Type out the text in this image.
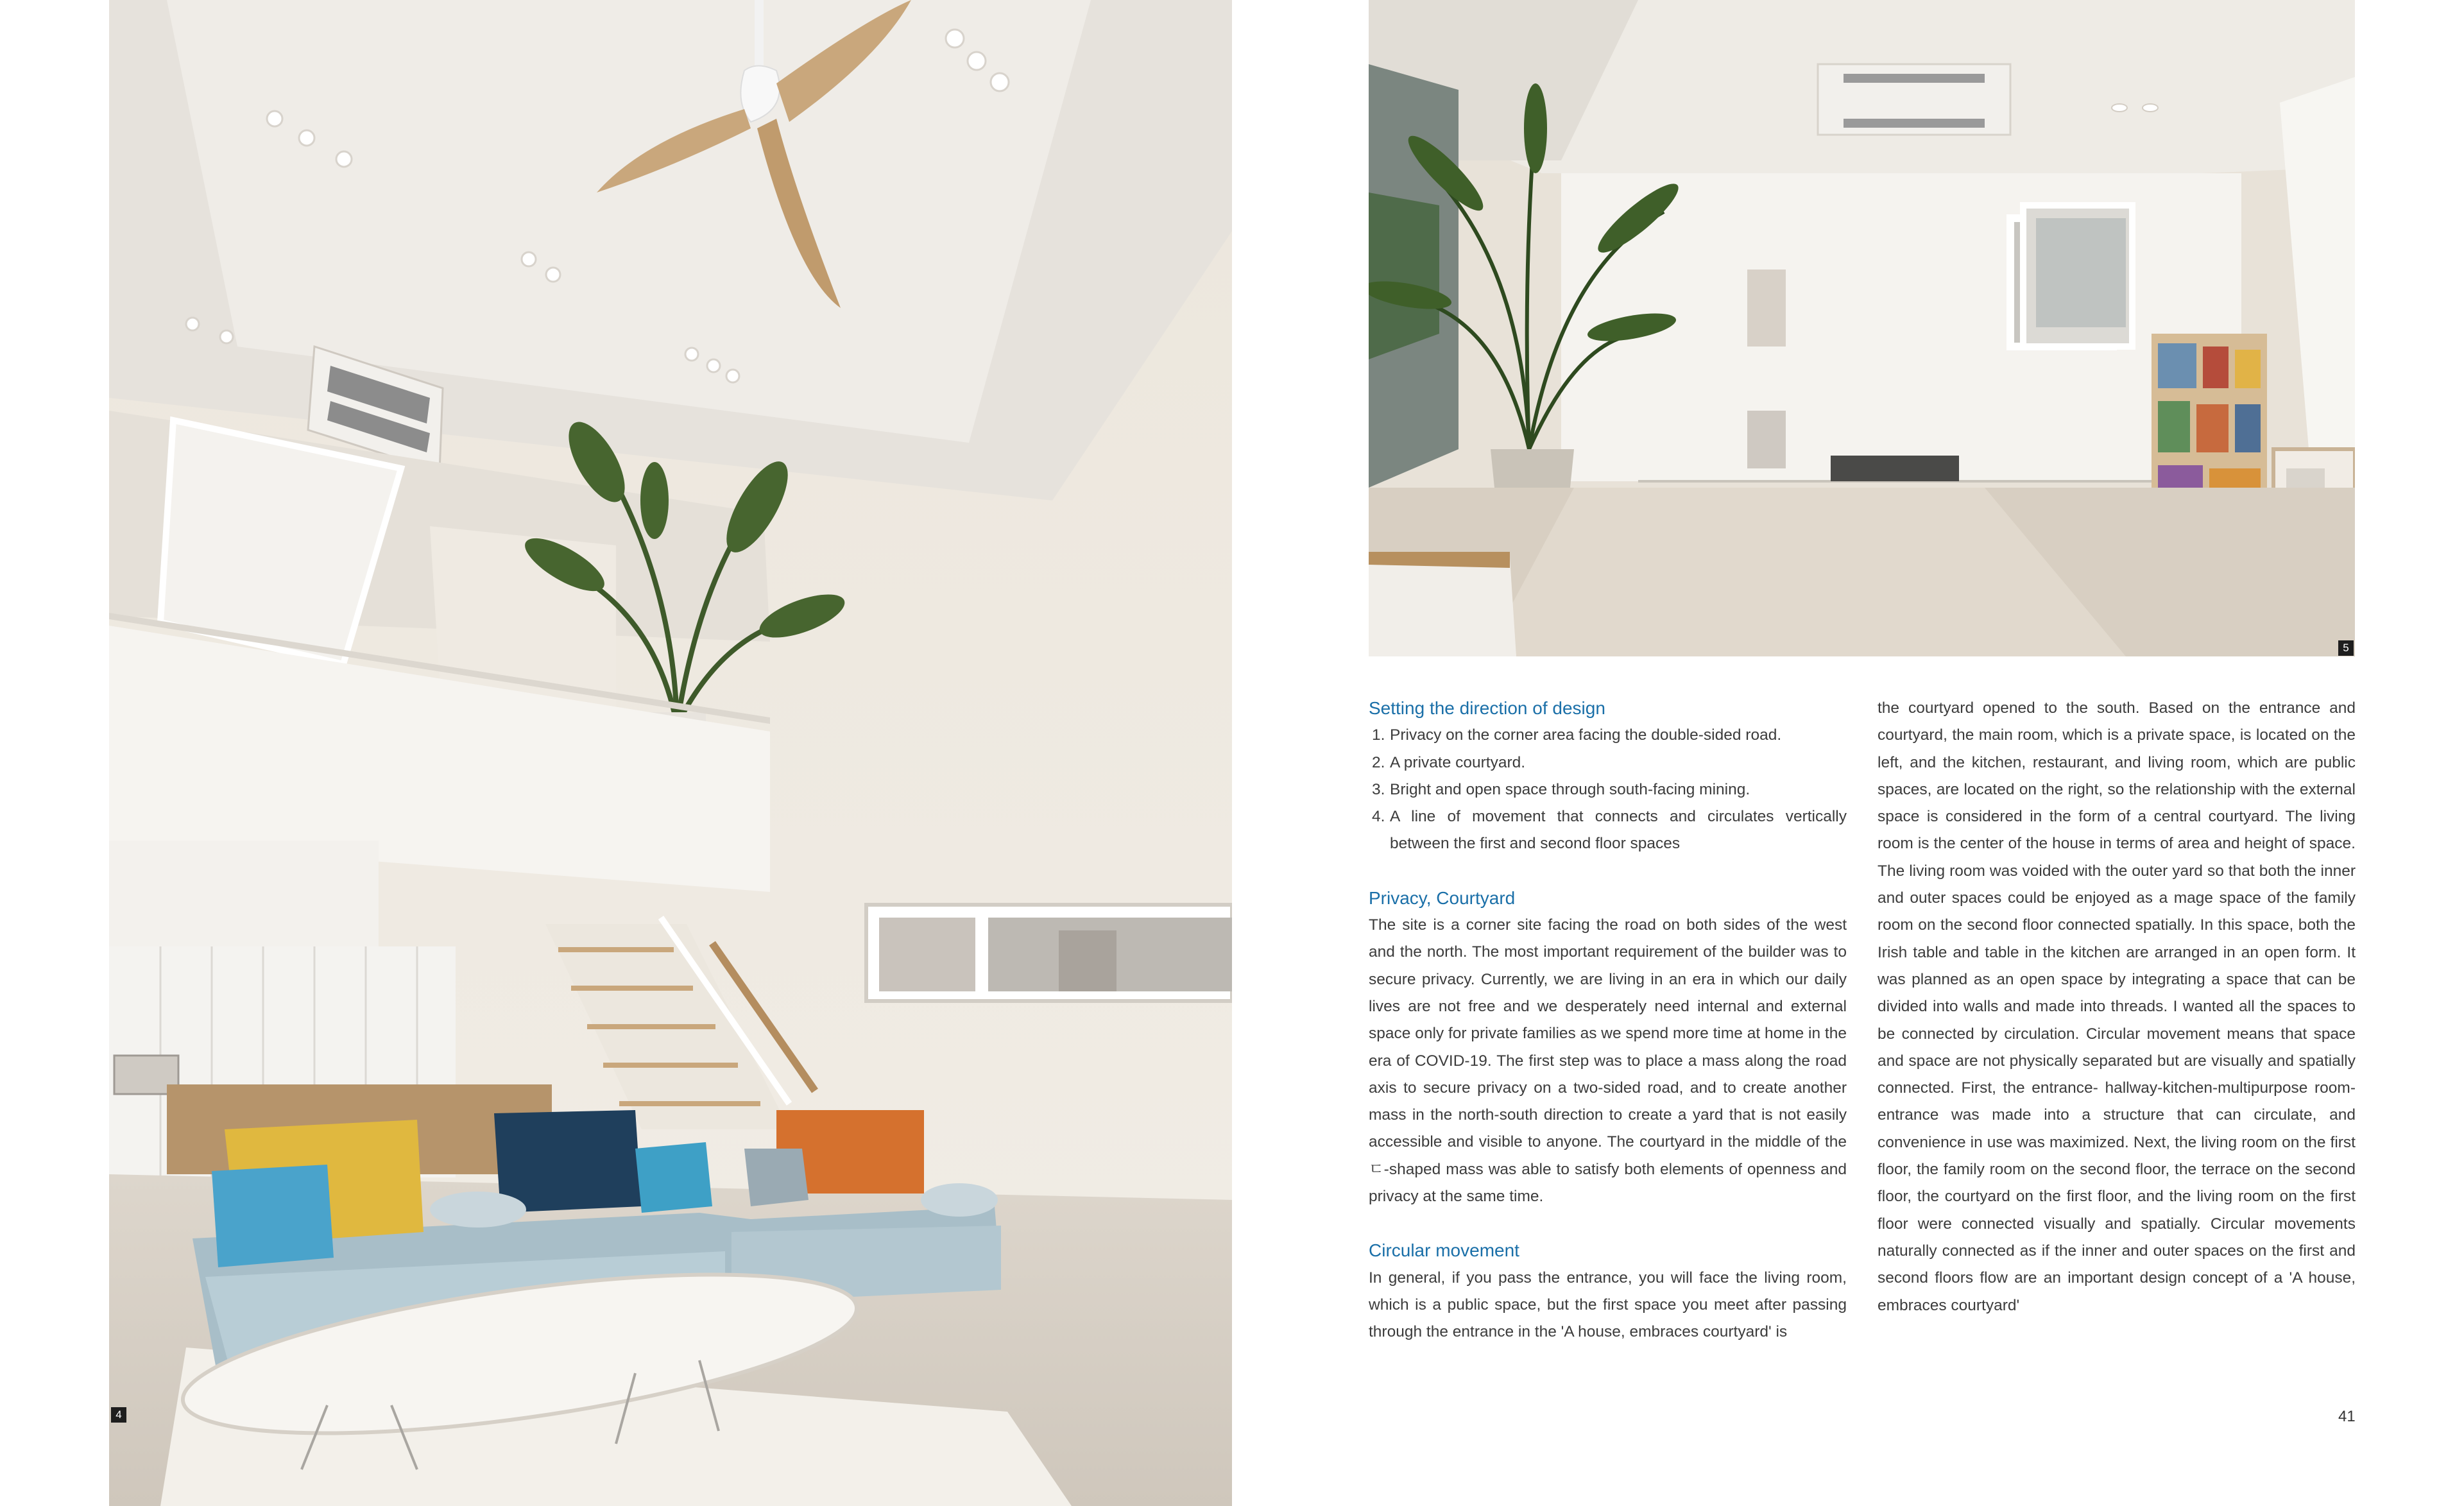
4
5
Setting the direction of design
1. Privacy on the corner area facing the double-sided road.
2. A private courtyard.
3. Bright and open space through south-facing mining.
4. A line of movement that connects and circulates vertically between the first and second floor spaces
Privacy, Courtyard
The site is a corner site facing the road on both sides of the west and the north. The most important requirement of the builder was to secure privacy. Currently, we are living in an era in which our daily lives are not free and we desperately need internal and external space only for private families as we spend more time at home in the era of COVID-19. The first step was to place a mass along the road axis to secure privacy on a two-sided road, and to create another mass in the north-south direction to create a yard that is not easily accessible and visible to anyone. The courtyard in the middle of the ㄷ-shaped mass was able to satisfy both elements of openness and privacy at the same time.
Circular movement
In general, if you pass the entrance, you will face the living room, which is a public space, but the first space you meet after passing through the entrance in the 'A house, embraces courtyard' is
the courtyard opened to the south. Based on the entrance and courtyard, the main room, which is a private space, is located on the left, and the kitchen, restaurant, and living room, which are public spaces, are located on the right, so the relationship with the external space is considered in the form of a central courtyard. The living room is the center of the house in terms of area and height of space. The living room was voided with the outer yard so that both the inner and outer spaces could be enjoyed as a mage space of the family room on the second floor connected spatially. In this space, both the Irish table and table in the kitchen are arranged in an open form. It was planned as an open space by integrating a space that can be divided into walls and made into threads. I wanted all the spaces to be connected by circulation. Circular movement means that space and space are not physically separated but are visually and spatially connected. First, the entrance- hallway-kitchen-multipurpose room-entrance was made into a structure that can circulate, and convenience in use was maximized. Next, the living room on the first floor, the family room on the second floor, the terrace on the second floor, the courtyard on the first floor, and the living room on the first floor were connected visually and spatially. Circular movements naturally connected as if the inner and outer spaces on the first and second floors flow are an important design concept of a 'A house, embraces courtyard'
41
